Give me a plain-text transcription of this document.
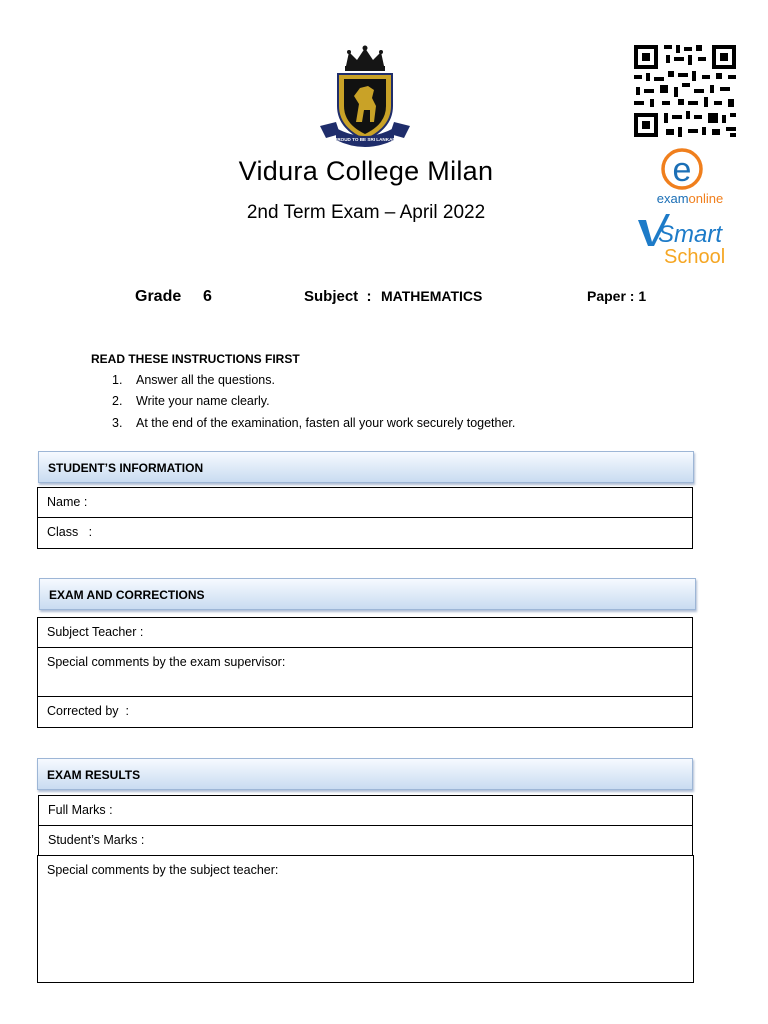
PROUD TO BE SRI LANKAN
e
examonline
Smart
School
Vidura College Milan
2nd Term Exam – April 2022
Grade 6	Subject  : MATHEMATICS	Paper : 1
READ THESE INSTRUCTIONS FIRST
1. Answer all the questions.
2. Write your name clearly.
3. At the end of the examination, fasten all your work securely together.
STUDENT’S INFORMATION
Name :
Class   :
EXAM AND CORRECTIONS
Subject Teacher :
Special comments by the exam supervisor:
Corrected by  :
EXAM RESULTS
Full Marks :
Student’s Marks :
Special comments by the subject teacher:
